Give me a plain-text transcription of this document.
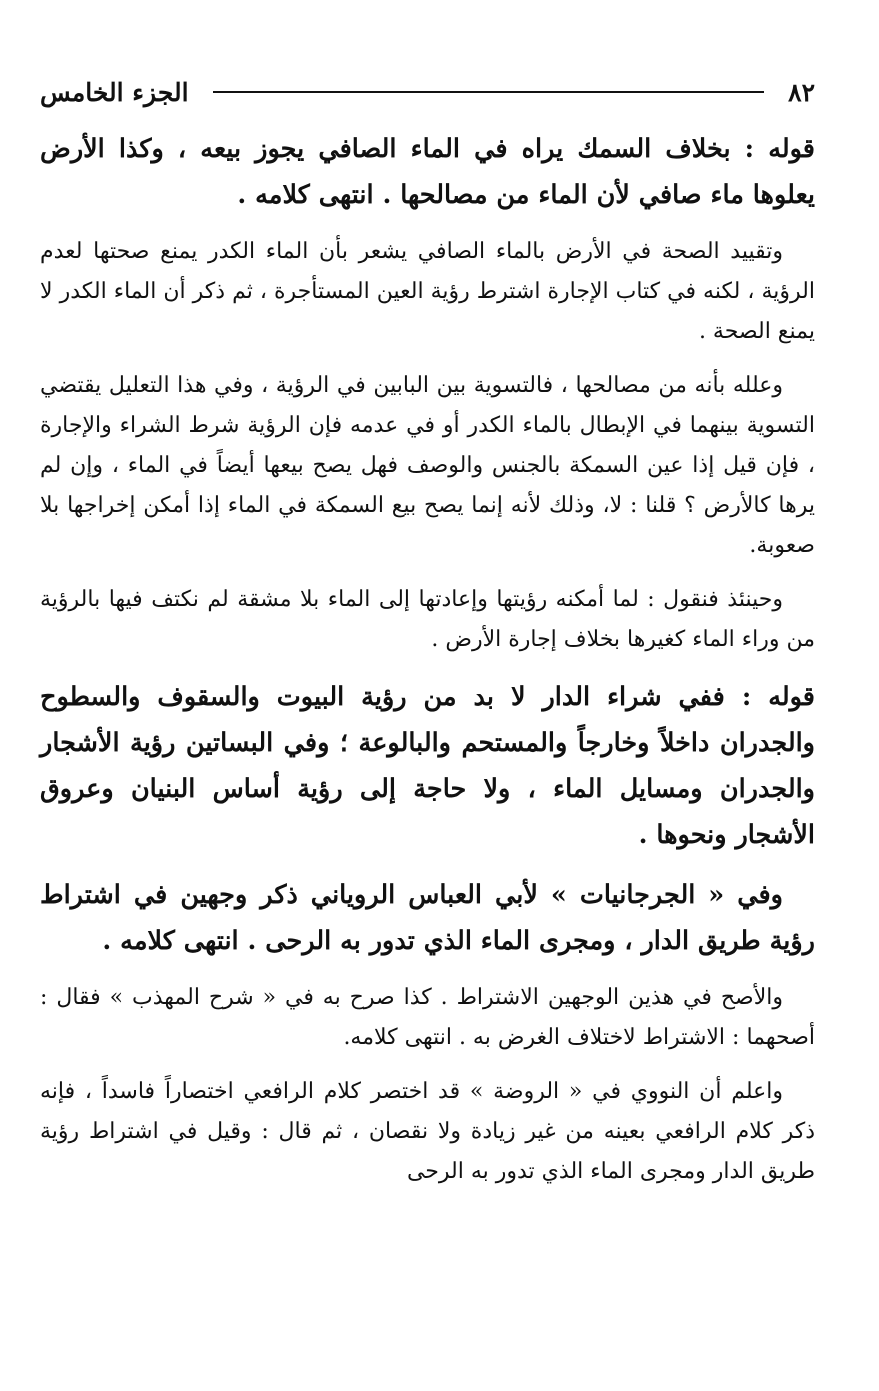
٨٢
الجزء الخامس

قوله : بخلاف السمك يراه في الماء الصافي يجوز بيعه ، وكذا الأرض يعلوها ماء صافي لأن الماء من مصالحها . انتهى كلامه .

وتقييد الصحة في الأرض بالماء الصافي يشعر بأن الماء الكدر يمنع صحتها لعدم الرؤية ، لكنه في كتاب الإجارة اشترط رؤية العين المستأجرة ، ثم ذكر أن الماء الكدر لا يمنع الصحة .

وعلله بأنه من مصالحها ، فالتسوية بين البابين في الرؤية ، وفي هذا التعليل يقتضي التسوية بينهما في الإبطال بالماء الكدر أو في عدمه فإن الرؤية شرط الشراء والإجارة ، فإن قيل إذا عين السمكة بالجنس والوصف فهل يصح بيعها أيضاً في الماء ، وإن لم يرها كالأرض ؟ قلنا : لا، وذلك لأنه إنما يصح بيع السمكة في الماء إذا أمكن إخراجها بلا صعوبة.

وحينئذ فنقول : لما أمكنه رؤيتها وإعادتها إلى الماء بلا مشقة لم نكتف فيها بالرؤية من وراء الماء كغيرها بخلاف إجارة الأرض .

قوله : ففي شراء الدار لا بد من رؤية البيوت والسقوف والسطوح والجدران داخلاً وخارجاً والمستحم والبالوعة ؛ وفي البساتين رؤية الأشجار والجدران ومسايل الماء ، ولا حاجة إلى رؤية أساس البنيان وعروق الأشجار ونحوها .

وفي « الجرجانيات » لأبي العباس الروياني ذكر وجهين في اشتراط رؤية طريق الدار ، ومجرى الماء الذي تدور به الرحى . انتهى كلامه .

والأصح في هذين الوجهين الاشتراط . كذا صرح به في « شرح المهذب » فقال : أصحهما : الاشتراط لاختلاف الغرض به . انتهى كلامه.

واعلم أن النووي في « الروضة » قد اختصر كلام الرافعي اختصاراً فاسداً ، فإنه ذكر كلام الرافعي بعينه من غير زيادة ولا نقصان ، ثم قال : وقيل في اشتراط رؤية طريق الدار ومجرى الماء الذي تدور به الرحى
